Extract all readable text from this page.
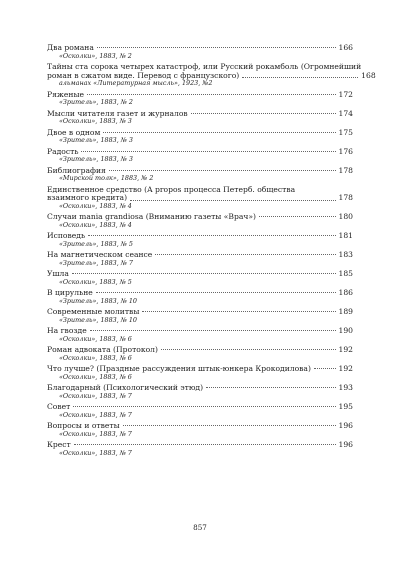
Два романа	166
«Осколки», 1883, № 2
Тайны ста сорока четырех катастроф, или Русский рокамболь (Огромнейший
роман в сжатом виде. Перевод с французского)	168
альманах «Литературная мысль», 1923, №2
Ряженые	172
«Зритель», 1883, № 2
Мысли читателя газет и журналов	174
«Осколки», 1883, № 3
Двое в одном	175
«Зритель», 1883, № 3
Радость	176
«Зритель», 1883, № 3
Библиография	178
«Мирской толк», 1883, № 2
Единственное средство (A propos процесса Петерб. общества
взаимного кредита)	178
«Осколки», 1883, № 4
Случаи mania grandiosa (Вниманию газеты «Врач»)	180
«Осколки», 1883, № 4
Исповедь	181
«Зритель», 1883, № 5
На магнетическом сеансе	183
«Зритель», 1883, № 7
Ушла	185
«Осколки», 1883, № 5
В цирульне	186
«Зритель», 1883, № 10
Современные молитвы	189
«Зритель», 1883, № 10
На гвозде	190
«Осколки», 1883, № 6
Роман адвоката (Протокол)	192
«Осколки», 1883, № 6
Что лучше? (Праздные рассуждения штык-юнкера Крокодилова)	192
«Осколки», 1883, № 6
Благодарный (Психологический этюд)	193
«Осколки», 1883, № 7
Совет	195
«Осколки», 1883, № 7
Вопросы и ответы	196
«Осколки», 1883, № 7
Крест	196
«Осколки», 1883, № 7
857
